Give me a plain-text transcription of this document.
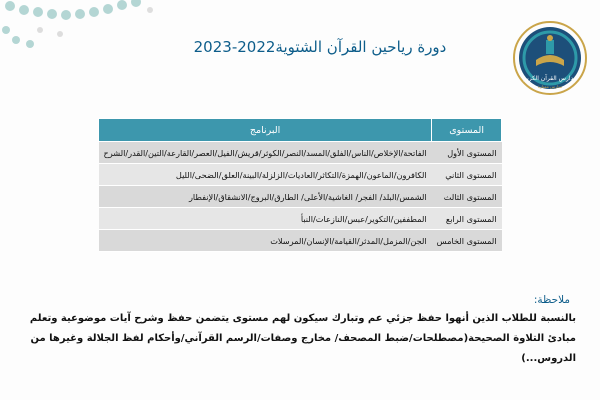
مدارس القرآن الكريم
مدارس ممتازة
دورة رياحين القرآن الشتوية2022-2023
المستوى	البرنامج
المستوى الأول	الفاتحة/الإخلاص/الناس/الفلق/المسد/النصر/الكوثر/قريش/الفيل/العصر/القارعة/التين/القدر/الشرح
المستوى الثاني	الكافرون/الماعون/الهمزة/التكاثر/العاديات/الزلزلة/البينة/العلق/الضحى/الليل
المستوى الثالث	الشمس/البلد/ الفجر/ الغاشية/الأعلى/ الطارق/البروج/الانشقاق/الإنفطار
المستوى الرابع	المطففين/التكوير/عبس/النازعات/النبأ
المستوى الخامس	الجن/المزمل/المدثر/القيامة/الإنسان/المرسلات
ملاحظة:
بالنسبة للطلاب الذين أنهوا حفظ جزئي عم وتبارك سيكون لهم مستوى يتضمن حفظ وشرح آيات موضوعية وتعلم مبادئ التلاوة الصحيحة(مصطلحات/ضبط المصحف/ مخارج وصفات/الرسم القرآني/وأحكام لفظ الجلالة وغيرها من الدروس...)
